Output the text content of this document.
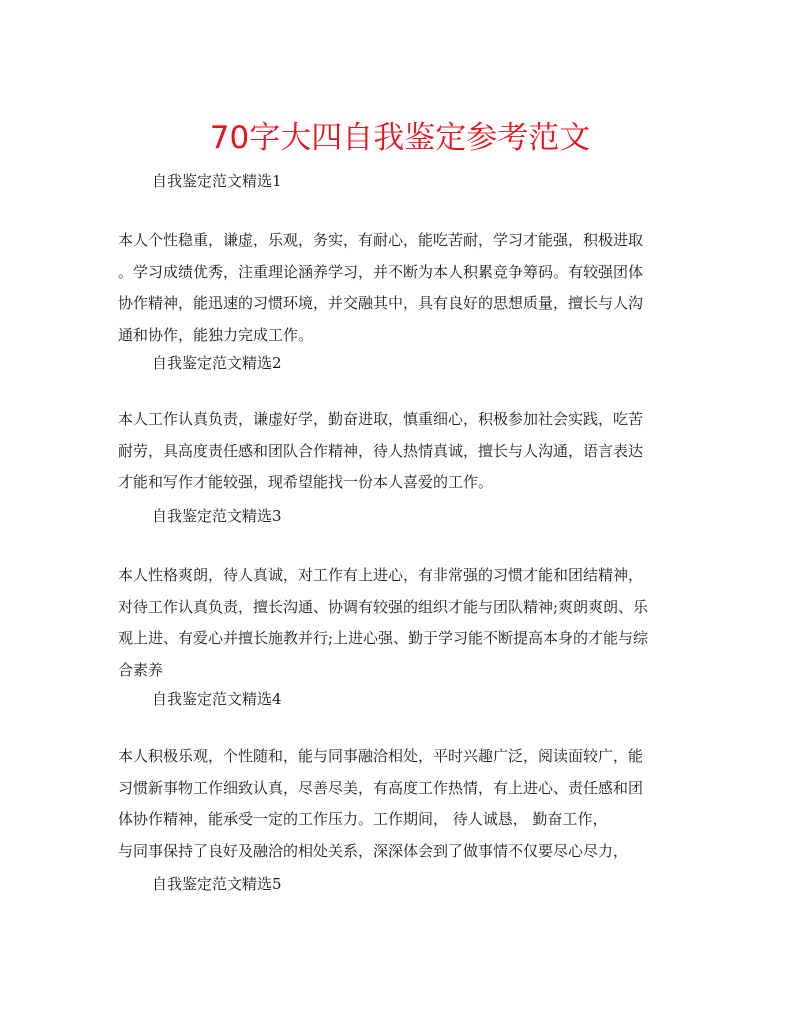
70字大四自我鉴定参考范文
自我鉴定范文精选1
本人个性稳重，谦虚，乐观，务实，有耐心，能吃苦耐，学习才能强，积极进取
。学习成绩优秀，注重理论涵养学习，并不断为本人积累竞争筹码。有较强团体
协作精神，能迅速的习惯环境，并交融其中，具有良好的思想质量，擅长与人沟
通和协作，能独力完成工作。
自我鉴定范文精选2
本人工作认真负责，谦虚好学，勤奋进取，慎重细心，积极参加社会实践，吃苦
耐劳，具高度责任感和团队合作精神，待人热情真诚，擅长与人沟通，语言表达
才能和写作才能较强，现希望能找一份本人喜爱的工作。
自我鉴定范文精选3
本人性格爽朗，待人真诚，对工作有上进心，有非常强的习惯才能和团结精神，
对待工作认真负责，擅长沟通、协调有较强的组织才能与团队精神;爽朗爽朗、乐
观上进、有爱心并擅长施教并行;上进心强、勤于学习能不断提高本身的才能与综
合素养
自我鉴定范文精选4
本人积极乐观，个性随和，能与同事融洽相处，平时兴趣广泛，阅读面较广，能
习惯新事物工作细致认真，尽善尽美，有高度工作热情，有上进心、责任感和团
体协作精神，能承受一定的工作压力。工作期间， 待人诚恳， 勤奋工作，
与同事保持了良好及融洽的相处关系，深深体会到了做事情不仅要尽心尽力，
自我鉴定范文精选5
